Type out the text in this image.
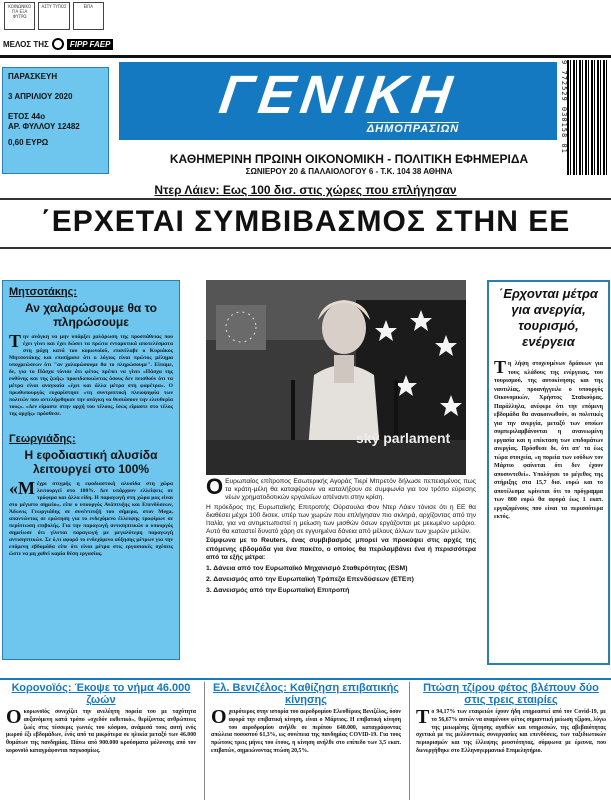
ΚΟΙΝΩΝΙΚΟ ΓΙΑ ΕΞΑ ΦΥΤΡΩ
ΑΣΤΥ ΤΥΠΟΣ	ΕΙΠΑ
ΜΕΛΟΣ ΤΗΣ	FIPP FAEP
ΠΑΡΑΣΚΕΥΗ
3 ΑΠΡΙΛΙΟΥ 2020
ΕΤΟΣ 44ο
ΑΡ. ΦΥΛΛΟΥ 12482
0,60 ΕΥΡΩ
ΓΕΝΙΚΗ
ΔΗΜΟΠΡΑΣΙΩΝ	9 772529 030158 01
ΚΑΘΗΜΕΡΙΝΗ ΠΡΩΙΝΗ ΟΙΚΟΝΟΜΙΚΗ - ΠΟΛΙΤΙΚΗ ΕΦΗΜΕΡΙΔΑ
ΣΩΝΙΕΡΟΥ 20 & ΠΑΛΑΙΟΛΟΓΟΥ 6 - Τ.Κ. 104 38 ΑΘΗΝΑ
Ντερ Λάιεν: Εως 100 δισ. στις χώρες που επλήγησαν
΄ΕΡΧΕΤΑΙ ΣΥΜΒΙΒΑΣΜΟΣ ΣΤΗΝ ΕΕ
Μητσοτάκης:
Αν χαλαρώσουμε θα το πληρώσουμε
Την ανάγκη να μην υπάρξει χαλάρωση της προσπάθειας που έχει γίνει και έχει δώσει τα πρώτα ενταρκτικά αποτελέσματα στη μάχη κατά του κορωνοϊού, επανέλαβε ο Κυριάκος Μητσοτάκης και επισήμανε ότι ο λόγιος είναι πρώτος μέλημα υποχρεώσεων ότι "αν χαλαρώσουμε θα το πληρώσουμε". Είπαμε, δε, για το Πάσχα τόνισε ότι φέτος πρέπει να γίνει «Πάσχα της ευθύνης και της ζωής» προειδοποιώντας όσους δεν πεισθούν ότι τα μέτρα είναι αναγκαία «έχει και άλλα μέτρα στη φαρέτρα». Ο πρωθυπουργός ευχαρίστησε «τη συντριπτική πλειοψηφία των πολιτών που αντελήφθηκαν την ανάγκη να θυσιάσουν την ελευθερία τους». «Δεν είμαστε στην αρχή του τέλους, ίσως είμαστε στο τέλος της αρχής» πρόσθεσε.
Γεωργιάδης:
Η εφοδιαστική αλυσίδα λειτουργεί στο 100%
«Μέχρι στιγμής η εφοδιαστική αλυσίδα στη χώρα λειτουργεί στο 100%. Δεν υπάρχουν ελλείψεις σε τρόφιμα και άλλα είδη. Η παραγωγή στη χώρα μας είναι στο μέγιστο σημείο», είπε ο υπουργός Ανάπτυξης και Επενδύσεων, Άδωνις Γεωργιάδης σε συνέντευξή του σήμερα, στον Mega, απαντώντας σε ερώτηση για το ενδεχόμενο έλλειψης τροφίμων σε περίπτωση επιβολής. Για την παραγωγή αντισηπτικών ο υπουργός σημείωσε ότι γίνεται παραγωγή με μεγαλύτερη παραγωγή αντισηπτικών. Σε ό,τι αφορά το ενδεχόμενο αύξησης μέτρων για την επόμενη εβδομάδα είπε ότι είναι μέτρα στις εργασιακές σχέσεις ώστε να μη χαθεί καμία θέση εργασίας.
ský parlament
΄Ερχονται μέτρα για ανεργία, τουρισμό, ενέργεια
Τη λήψη στοχευμένων δράσεων για τους κλάδους της ενέργειας, του τουρισμού, της αυτοκίνησης και της ναυτιλίας, προανήγγειλε ο υπουργός Οικονομικών, Χρήστος Σταϊκούρας. Παράλληλα, ανέφερε ότι την επόμενη εβδομάδα θα ανακοινωθούν, οι πολιτικές για την ανεργία, μεταξύ των οποίων συμπεριλαμβάνονται η ανανεωμένη εργασία και η επέκταση των επιδομάτων ανεργίας. Πρόσθεσε δε, ότι απ' τα έως τώρα στοιχεία, «η πορεία των εσόδων τον Μάρτιο φαίνεται ότι δεν έχουν αποσυντεθεί». Υπολόγισε το μέγεθος της στήριξης στα 15,7 δισ. ευρώ και το αποτέλεσμα κρίνεται ότι το πρόγραμμα των 800 ευρώ θα αφορά έως 1 εκατ. εργαζομένους που είναι τα περισσότερα εκτός.

ΟΕυρωπαίος επίτροπος Εσωτερικής Αγοράς Τιερί Μπρετόν δήλωσε πεπεισμένος πως τα κράτη-μέλη θα καταφέρουν να καταλήξουν σε συμφωνία για τον τρόπο εύρεσης νέων χρηματοδοτικών εργαλείων απέναντι στην κρίση.

Η πρόεδρος της Ευρωπαϊκής Επιτροπής Ούρσουλα Φον Ντερ Λάιεν τόνισε ότι η ΕΕ θα διαθέσει μέχρι 100 δισεκ. υπέρ των χωρών που επλήγησαν πιο σκληρά, αρχίζοντας από την Ιταλία, για να αντιμετωπιστεί η μείωση των μισθών όσων εργάζονται με μειωμένο ωράριο. Αυτό θα καταστεί δυνατό χάρη σε εγγυημένα δάνεια από μέλους άλλων των χωρών μελών.

Σύμφωνα με το Reuters, ένας συμβιβασμός μπορεί να προκύψει στις αρχές της επόμενης εβδομάδα για ένα πακέτο, ο οποίος θα περιλαμβάνει ένα ή περισσότερα από τα εξής μέτρα:

1. Δάνεια από τον Ευρωπαϊκό Μηχανισμό Σταθερότητας (ESM)
2. Δανεισμός από την Ευρωπαϊκή Τράπεζα Επενδύσεων (ΕΤΕπ)
3. Δανεισμός από την Ευρωπαϊκή Επιτροπή
Κορονοϊός: Έκοψε το νήμα 46.000 ζωών
Οκορωνοϊός συνεχίζει την ανελέητη πορεία του με ταχύτητα αυξανόμενη κατά τρόπο «σχεδόν εκθετικό», θερίζοντας ανθρώπινες ζωές στις τέσσερις γωνιές του κόσμου, ανάμεσά τους αυτή ενός μωρού έξι εβδομάδων, ένός από τα μικρότερα σε ηλικία μεταξύ των 46.000 θυμάτων της πανδημίας. Πάνω από 900.000 κρούσματα μόλυνσης από τον κορονοϊό καταγράφονται παγκοσμίως.
Ελ. Βενιζέλος: Καθίζηση επιβατικής κίνησης
Οχειρότερος στην ιστορία του αεροδρομίου Ελευθέριος Βενιζέλος, όσον αφορά την επιβατική κίνηση, είναι ο Μάρτιος. Η επιβατική κίνηση του αεροδρομίου ανήλθε σε περίπου 640.000, καταγράφοντας απώλεια ποσοστού 61,3%, ως συνέπεια της πανδημίας COVID-19. Για τους πρώτους τρεις μήνες του έτους, η κίνηση ανήλθε στο επίπεδο των 3,5 εκατ. επιβατών, σημειώνοντας πτώση 20,5%.
Πτώση τζίρου φέτος βλέπουν δύο στις τρεις εταιρίες
Το 94,17% των εταιρειών έχουν ήδη επηρεαστεί από τον Covid-19, με το 56,67% αυτών να αναμένουν φέτος σημαντική μείωση τζίρου, λόγω της μειωμένης ζήτησης αγαθών και υπηρεσιών, της αβεβαιότητας σχετικά με τις μελλοντικές συνεργασίες και επενδύσεις, των ταξιδιωτικών περιορισμών και της έλλειψης ρευστότητας, σύμφωνα με έρευνα, που διενεργήθηκε στο Ελληνογερμανικό Επιμελητήριο.
